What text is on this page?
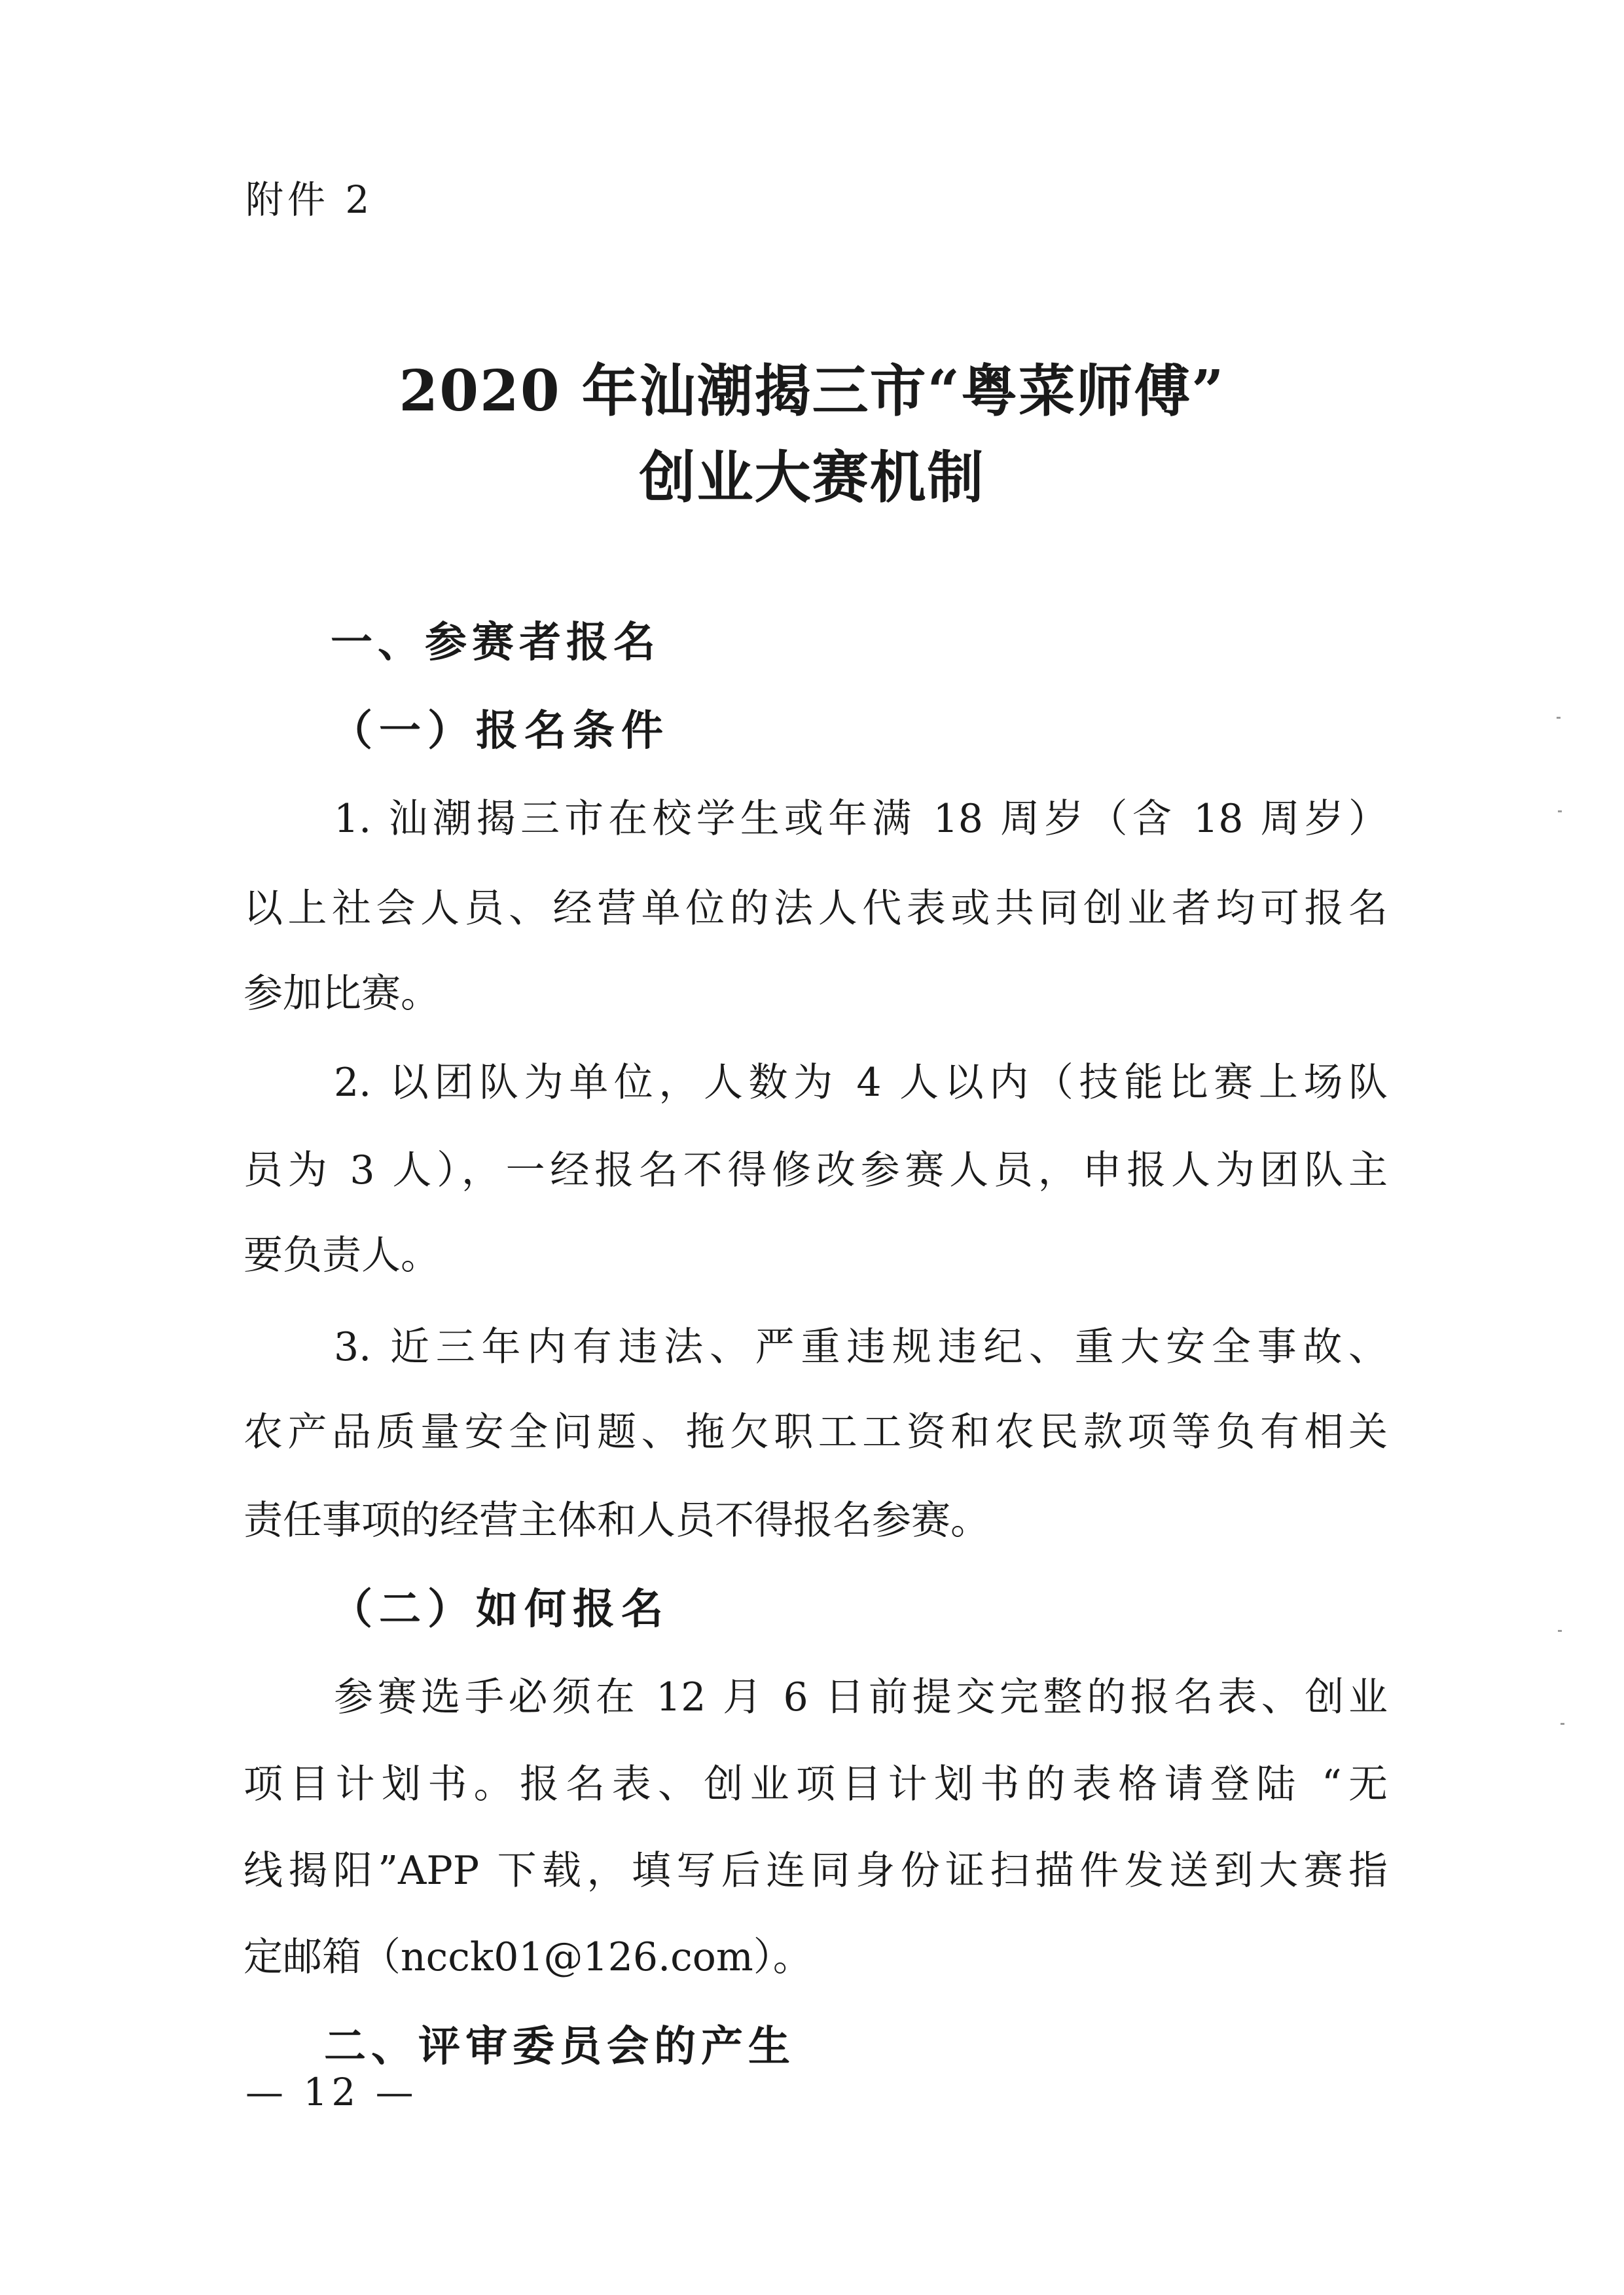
附件 2
2020 年汕潮揭三市“粤菜师傅”
创业大赛机制
一、参赛者报名
（一）报名条件
1. 汕潮揭三市在校学生或年满 18 周岁（含 18 周岁）
以上社会人员、经营单位的法人代表或共同创业者均可报名
参加比赛。
2. 以团队为单位，人数为 4 人以内（技能比赛上场队
员为 3 人），一经报名不得修改参赛人员，申报人为团队主
要负责人。
3. 近三年内有违法、严重违规违纪、重大安全事故、
农产品质量安全问题、拖欠职工工资和农民款项等负有相关
责任事项的经营主体和人员不得报名参赛。
（二）如何报名
参赛选手必须在 12 月 6 日前提交完整的报名表、创业
项目计划书。报名表、创业项目计划书的表格请登陆 “无
线揭阳”APP 下载，填写后连同身份证扫描件发送到大赛指
定邮箱（ncck01@126.com）。
二、评审委员会的产生
— 12 —
